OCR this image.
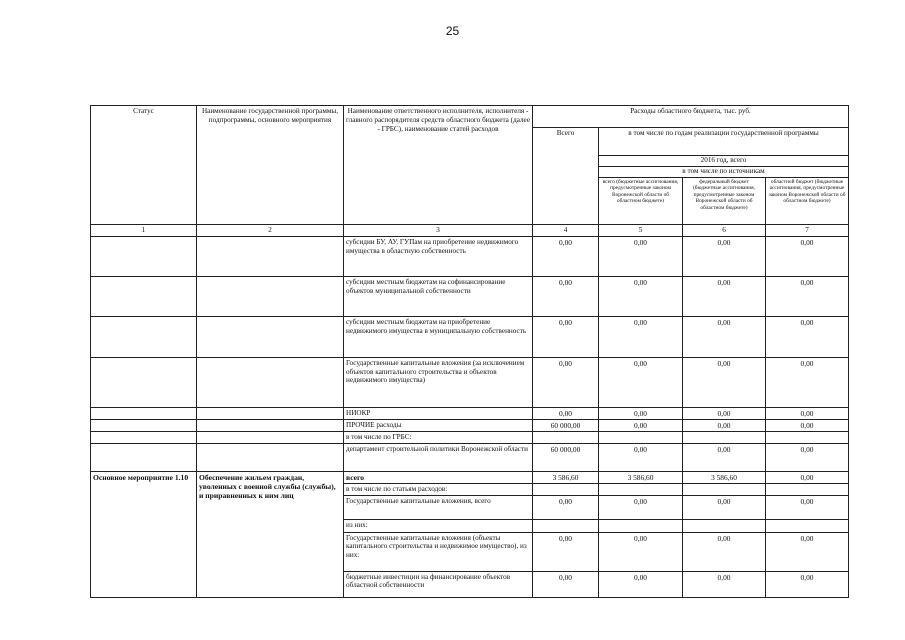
25
Статус	Наименование государственной программы, подпрограммы, основного мероприятия	Наименование ответственного исполнителя, исполнителя - главного распорядителя средств областного бюджета (далее - ГРБС), наименование статей расходов	Расходы областного бюджета, тыс. руб.			
			Всего	в том числе по годам реализации государственной программы		
				2016 год, всего		
				в том числе по источникам		
				всего (бюджетные ассигнования, предусмотренные законом Воронежской области об областном бюджете)	федеральный бюджет (бюджетные ассигнования, предусмотренные законом Воронежской области об областном бюджете)	областной бюджет (бюджетные ассигнования, предусмотренные законом Воронежской области об областном бюджете)
1	2	3	4	5	6	7
		субсидии БУ, АУ, ГУПам на приобретение недвижимого имущества в областную собственность	0,00	0,00	0,00	0,00
		субсидии местным бюджетам на софинансирование объектов муниципальной собственности	0,00	0,00	0,00	0,00
		субсидии местным бюджетам на приобретение недвижимого имущества в муниципальную собственность	0,00	0,00	0,00	0,00
		Государственные капитальные вложения (за исключением объектов капитального строительства и объектов недвижимого имущества)	0,00	0,00	0,00	0,00
		НИОКР	0,00	0,00	0,00	0,00
		ПРОЧИЕ расходы	60 000,00	0,00	0,00	0,00
		в том числе по ГРБС:				
		департамент строительной политики Воронежской области	60 000,00	0,00	0,00	0,00
Основное мероприятие 1.10	Обеспечение жильем граждан, уволенных с военной службы (службы), и приравненных к ним лиц	всего	3 586,60	3 586,60	3 586,60	0,00
		в том числе по статьям расходов:				
		Государственные капитальные вложения, всего	0,00	0,00	0,00	0,00
		из них:				
		Государственные капитальные вложения (объекты капитального строительства и недвижимое имущество), из них:	0,00	0,00	0,00	0,00
		бюджетные инвестиции на финансирование объектов областной собственности	0,00	0,00	0,00	0,00
